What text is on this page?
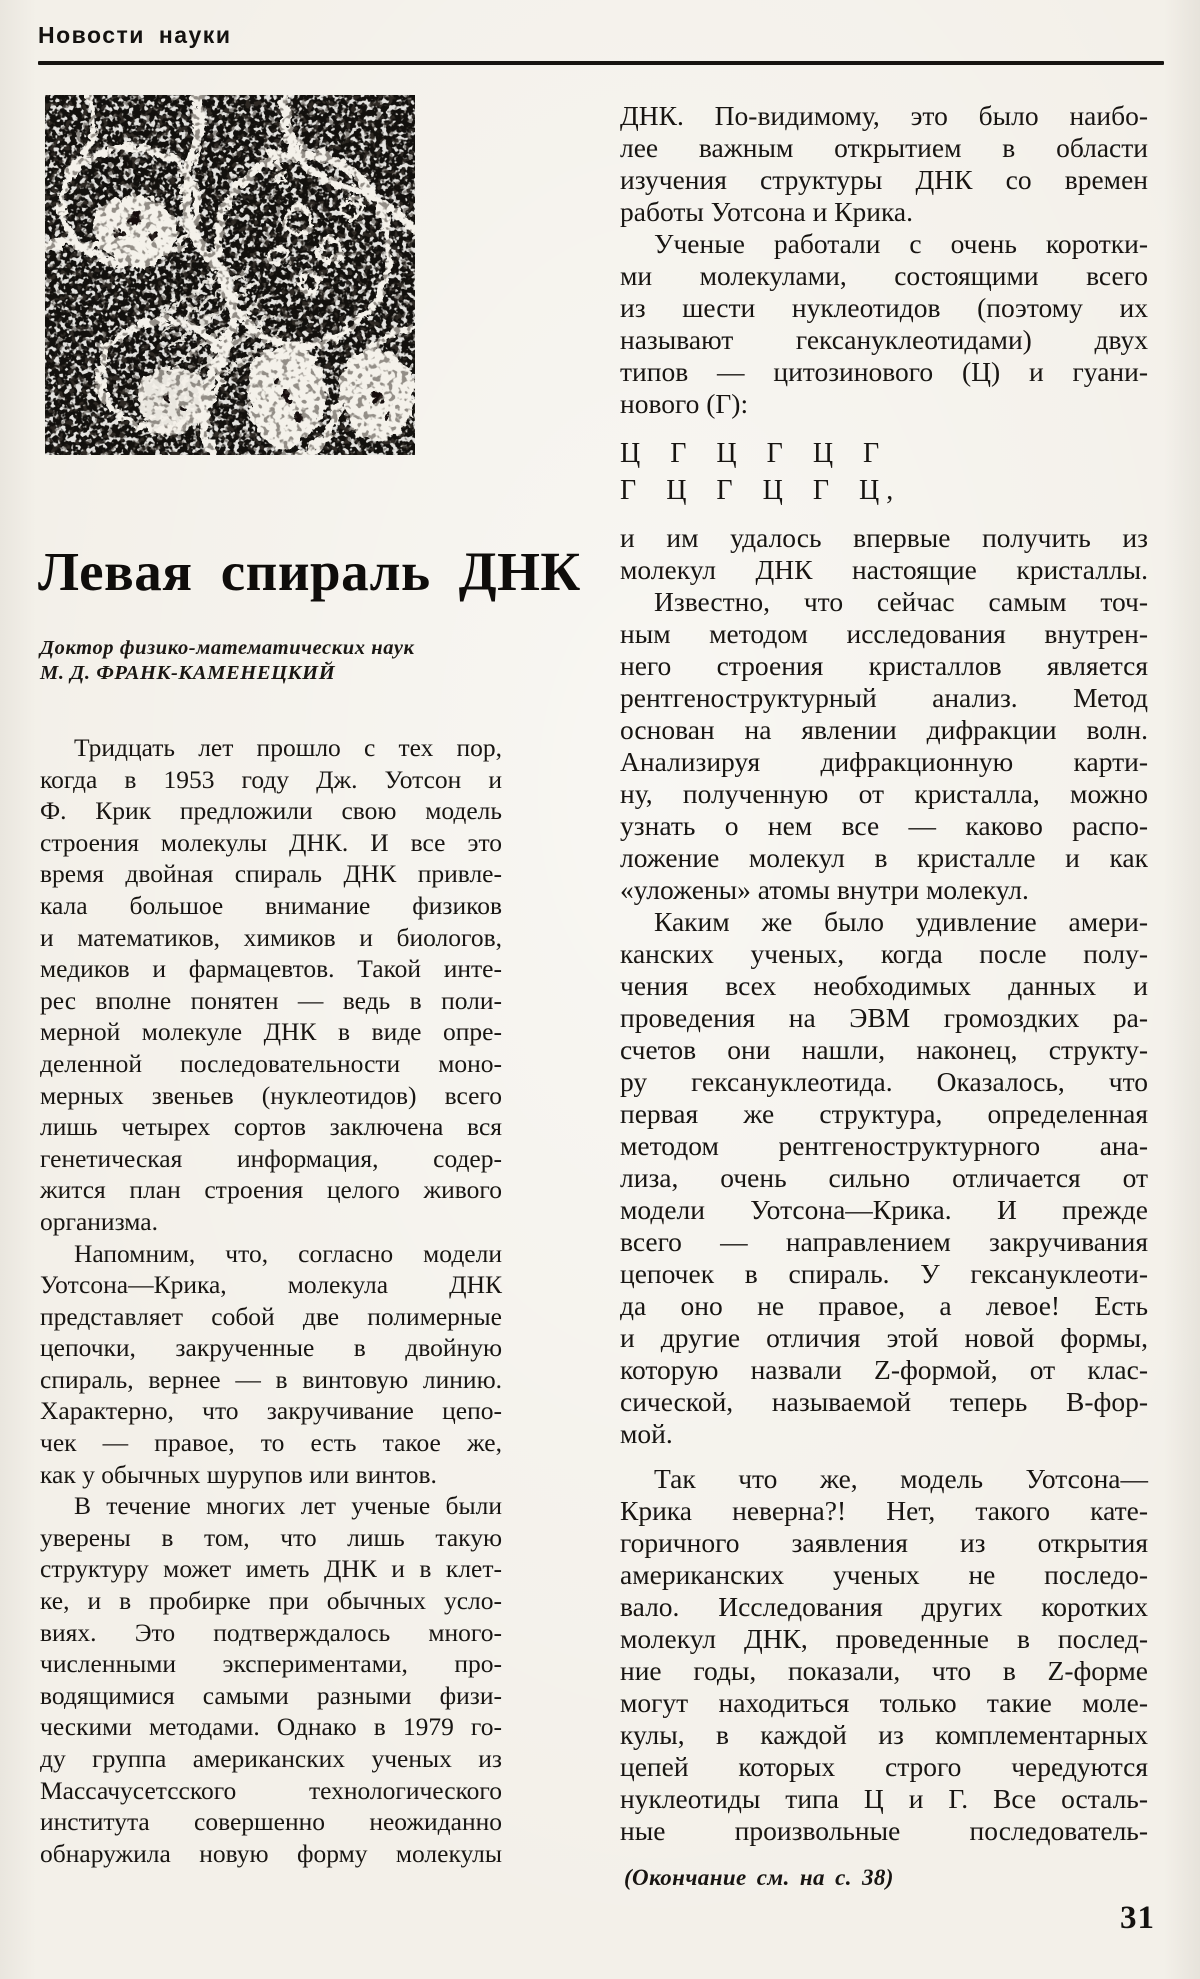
Новости науки
Левая спираль ДНК
Доктор физико-математических наук
М. Д. ФРАНК-КАМЕНЕЦКИЙ
Тридцать лет прошло с тех пор,
когда в 1953 году Дж. Уотсон и
Ф. Крик предложили свою модель
строения молекулы ДНК. И все это
время двойная спираль ДНК привле-
кала большое внимание физиков
и математиков, химиков и биологов,
медиков и фармацевтов. Такой инте-
рес вполне понятен — ведь в поли-
мерной молекуле ДНК в виде опре-
деленной последовательности моно-
мерных звеньев (нуклеотидов) всего
лишь четырех сортов заключена вся
генетическая информация, содер-
жится план строения целого живого
организма.
Напомним, что, согласно модели
Уотсона—Крика, молекула ДНК
представляет собой две полимерные
цепочки, закрученные в двойную
спираль, вернее — в винтовую линию.
Характерно, что закручивание цепо-
чек — правое, то есть такое же,
как у обычных шурупов или винтов.
В течение многих лет ученые были
уверены в том, что лишь такую
структуру может иметь ДНК и в клет-
ке, и в пробирке при обычных усло-
виях. Это подтверждалось много-
численными экспериментами, про-
водящимися самыми разными физи-
ческими методами. Однако в 1979 го-
ду группа американских ученых из
Массачусетсского технологического
института совершенно неожиданно
обнаружила новую форму молекулы
ДНК. По-видимому, это было наибо-
лее важным открытием в области
изучения структуры ДНК со времен
работы Уотсона и Крика.
Ученые работали с очень коротки-
ми молекулами, состоящими всего
из шести нуклеотидов (поэтому их
называют гексануклеотидами) двух
типов — цитозинового (Ц) и гуани-
нового (Г):
Ц Г Ц Г Ц Г
Г Ц Г Ц Г Ц,
и им удалось впервые получить из
молекул ДНК настоящие кристаллы.
Известно, что сейчас самым точ-
ным методом исследования внутрен-
него строения кристаллов является
рентгеноструктурный анализ. Метод
основан на явлении дифракции волн.
Анализируя дифракционную карти-
ну, полученную от кристалла, можно
узнать о нем все — каково распо-
ложение молекул в кристалле и как
«уложены» атомы внутри молекул.
Каким же было удивление амери-
канских ученых, когда после полу-
чения всех необходимых данных и
проведения на ЭВМ громоздких ра-
счетов они нашли, наконец, структу-
ру гексануклеотида. Оказалось, что
первая же структура, определенная
методом рентгеноструктурного ана-
лиза, очень сильно отличается от
модели Уотсона—Крика. И прежде
всего — направлением закручивания
цепочек в спираль. У гексануклеоти-
да оно не правое, а левое! Есть
и другие отличия этой новой формы,
которую назвали Z-формой, от клас-
сической, называемой теперь В-фор-
мой.
Так что же, модель Уотсона—
Крика неверна?! Нет, такого кате-
горичного заявления из открытия
американских ученых не последо-
вало. Исследования других коротких
молекул ДНК, проведенные в послед-
ние годы, показали, что в Z-форме
могут находиться только такие моле-
кулы, в каждой из комплементарных
цепей которых строго чередуются
нуклеотиды типа Ц и Г. Все осталь-
ные произвольные последователь-
(Окончание см. на с. 38)
31
